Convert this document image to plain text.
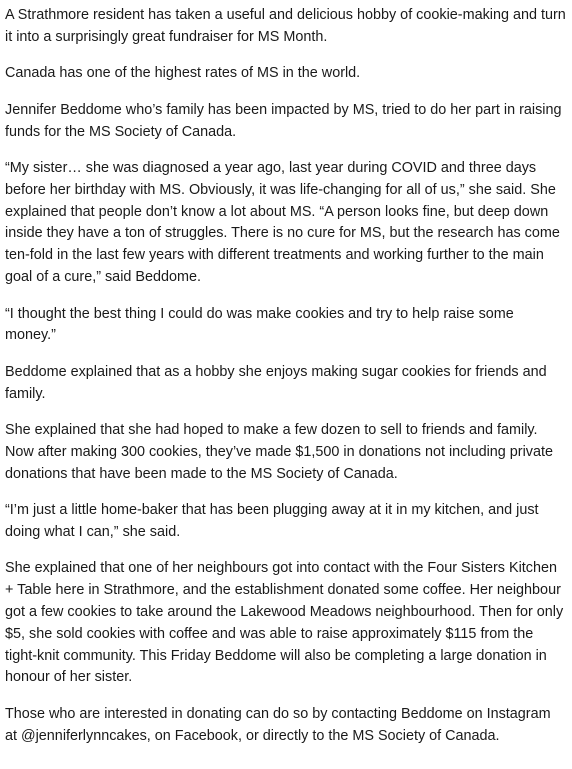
A Strathmore resident has taken a useful and delicious hobby of cookie-making and turn it into a surprisingly great fundraiser for MS Month.

Canada has one of the highest rates of MS in the world.

Jennifer Beddome who’s family has been impacted by MS, tried to do her part in raising funds for the MS Society of Canada.

“My sister… she was diagnosed a year ago, last year during COVID and three days before her birthday with MS. Obviously, it was life-changing for all of us,” she said. She explained that people don’t know a lot about MS. “A person looks fine, but deep down inside they have a ton of struggles. There is no cure for MS, but the research has come ten-fold in the last few years with different treatments and working further to the main goal of a cure,” said Beddome.

“I thought the best thing I could do was make cookies and try to help raise some money.”

Beddome explained that as a hobby she enjoys making sugar cookies for friends and family.

She explained that she had hoped to make a few dozen to sell to friends and family. Now after making 300 cookies, they’ve made $1,500 in donations not including private donations that have been made to the MS Society of Canada.

“I’m just a little home-baker that has been plugging away at it in my kitchen, and just doing what I can,” she said.

She explained that one of her neighbours got into contact with the Four Sisters Kitchen + Table here in Strathmore, and the establishment donated some coffee. Her neighbour got a few cookies to take around the Lakewood Meadows neighbourhood. Then for only $5, she sold cookies with coffee and was able to raise approximately $115 from the tight-knit community. This Friday Beddome will also be completing a large donation in honour of her sister.

Those who are interested in donating can do so by contacting Beddome on Instagram at @jenniferlynncakes, on Facebook, or directly to the MS Society of Canada.
